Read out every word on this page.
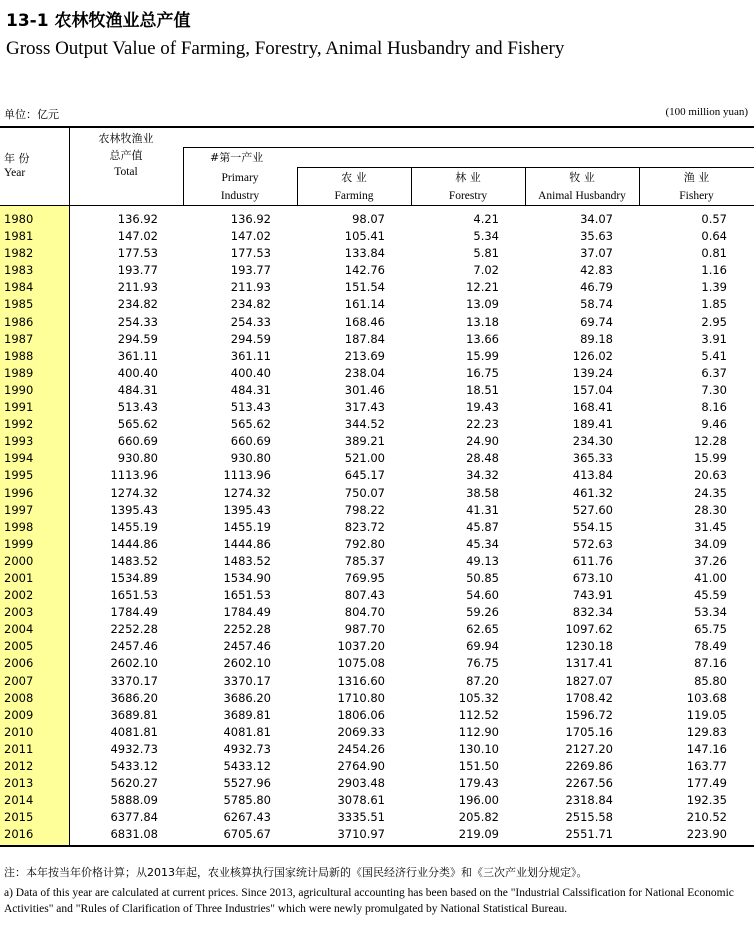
13-1 农林牧渔业总产值
Gross Output Value of Farming, Forestry, Animal Husbandry and Fishery
单位：亿元	(100 million yuan)
年 份
Year
农林牧渔业
总产值
Total
#第一产业
Primary
Industry
农 业
Farming
林 业
Forestry
牧 业
Animal Husbandry
渔 业
Fishery
1980	136.92	136.92	98.07	4.21	34.07	0.57
1981	147.02	147.02	105.41	5.34	35.63	0.64
1982	177.53	177.53	133.84	5.81	37.07	0.81
1983	193.77	193.77	142.76	7.02	42.83	1.16
1984	211.93	211.93	151.54	12.21	46.79	1.39
1985	234.82	234.82	161.14	13.09	58.74	1.85
1986	254.33	254.33	168.46	13.18	69.74	2.95
1987	294.59	294.59	187.84	13.66	89.18	3.91
1988	361.11	361.11	213.69	15.99	126.02	5.41
1989	400.40	400.40	238.04	16.75	139.24	6.37
1990	484.31	484.31	301.46	18.51	157.04	7.30
1991	513.43	513.43	317.43	19.43	168.41	8.16
1992	565.62	565.62	344.52	22.23	189.41	9.46
1993	660.69	660.69	389.21	24.90	234.30	12.28
1994	930.80	930.80	521.00	28.48	365.33	15.99
1995	1113.96	1113.96	645.17	34.32	413.84	20.63
1996	1274.32	1274.32	750.07	38.58	461.32	24.35
1997	1395.43	1395.43	798.22	41.31	527.60	28.30
1998	1455.19	1455.19	823.72	45.87	554.15	31.45
1999	1444.86	1444.86	792.80	45.34	572.63	34.09
2000	1483.52	1483.52	785.37	49.13	611.76	37.26
2001	1534.89	1534.90	769.95	50.85	673.10	41.00
2002	1651.53	1651.53	807.43	54.60	743.91	45.59
2003	1784.49	1784.49	804.70	59.26	832.34	53.34
2004	2252.28	2252.28	987.70	62.65	1097.62	65.75
2005	2457.46	2457.46	1037.20	69.94	1230.18	78.49
2006	2602.10	2602.10	1075.08	76.75	1317.41	87.16
2007	3370.17	3370.17	1316.60	87.20	1827.07	85.80
2008	3686.20	3686.20	1710.80	105.32	1708.42	103.68
2009	3689.81	3689.81	1806.06	112.52	1596.72	119.05
2010	4081.81	4081.81	2069.33	112.90	1705.16	129.83
2011	4932.73	4932.73	2454.26	130.10	2127.20	147.16
2012	5433.12	5433.12	2764.90	151.50	2269.86	163.77
2013	5620.27	5527.96	2903.48	179.43	2267.56	177.49
2014	5888.09	5785.80	3078.61	196.00	2318.84	192.35
2015	6377.84	6267.43	3335.51	205.82	2515.58	210.52
2016	6831.08	6705.67	3710.97	219.09	2551.71	223.90
注：本年按当年价格计算；从2013年起，农业核算执行国家统计局新的《国民经济行业分类》和《三次产业划分规定》。
a) Data of this year are calculated at current prices. Since 2013, agricultural accounting has been based on the "Industrial Calssification for National Economic Activities" and "Rules of Clarification of Three Industries" which were newly promulgated by National Statistical Bureau.
